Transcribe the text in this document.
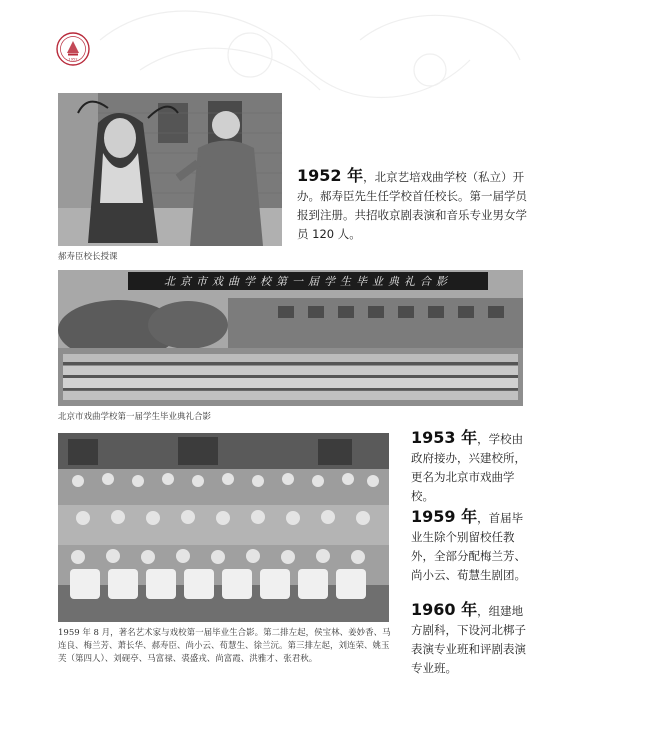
1952
郝寿臣校长授课
1952 年，北京艺培戏曲学校（私立）开办。郝寿臣先生任学校首任校长。第一届学员报到注册。共招收京剧表演和音乐专业男女学员 120 人。
北京市戏曲学校第一届学生毕业典礼合影
北京市戏曲学校第一届学生毕业典礼合影
1959 年 8 月，著名艺术家与戏校第一届毕业生合影。第二排左起，侯宝林、姜妙香、马连良、梅兰芳、萧长华、郝寿臣、尚小云、荀慧生、徐兰沅。第三排左起，刘连荣、姚玉芙（第四人）、刘砚亭、马富禄、裘盛戎、尚富霞、洪雅才、张君秋。
1953 年，学校由政府接办，兴建校所，更名为北京市戏曲学校。
1959 年，首届毕业生除个别留校任教外，全部分配梅兰芳、尚小云、荀慧生剧团。
1960 年，组建地方剧科，下设河北梆子表演专业班和评剧表演专业班。
